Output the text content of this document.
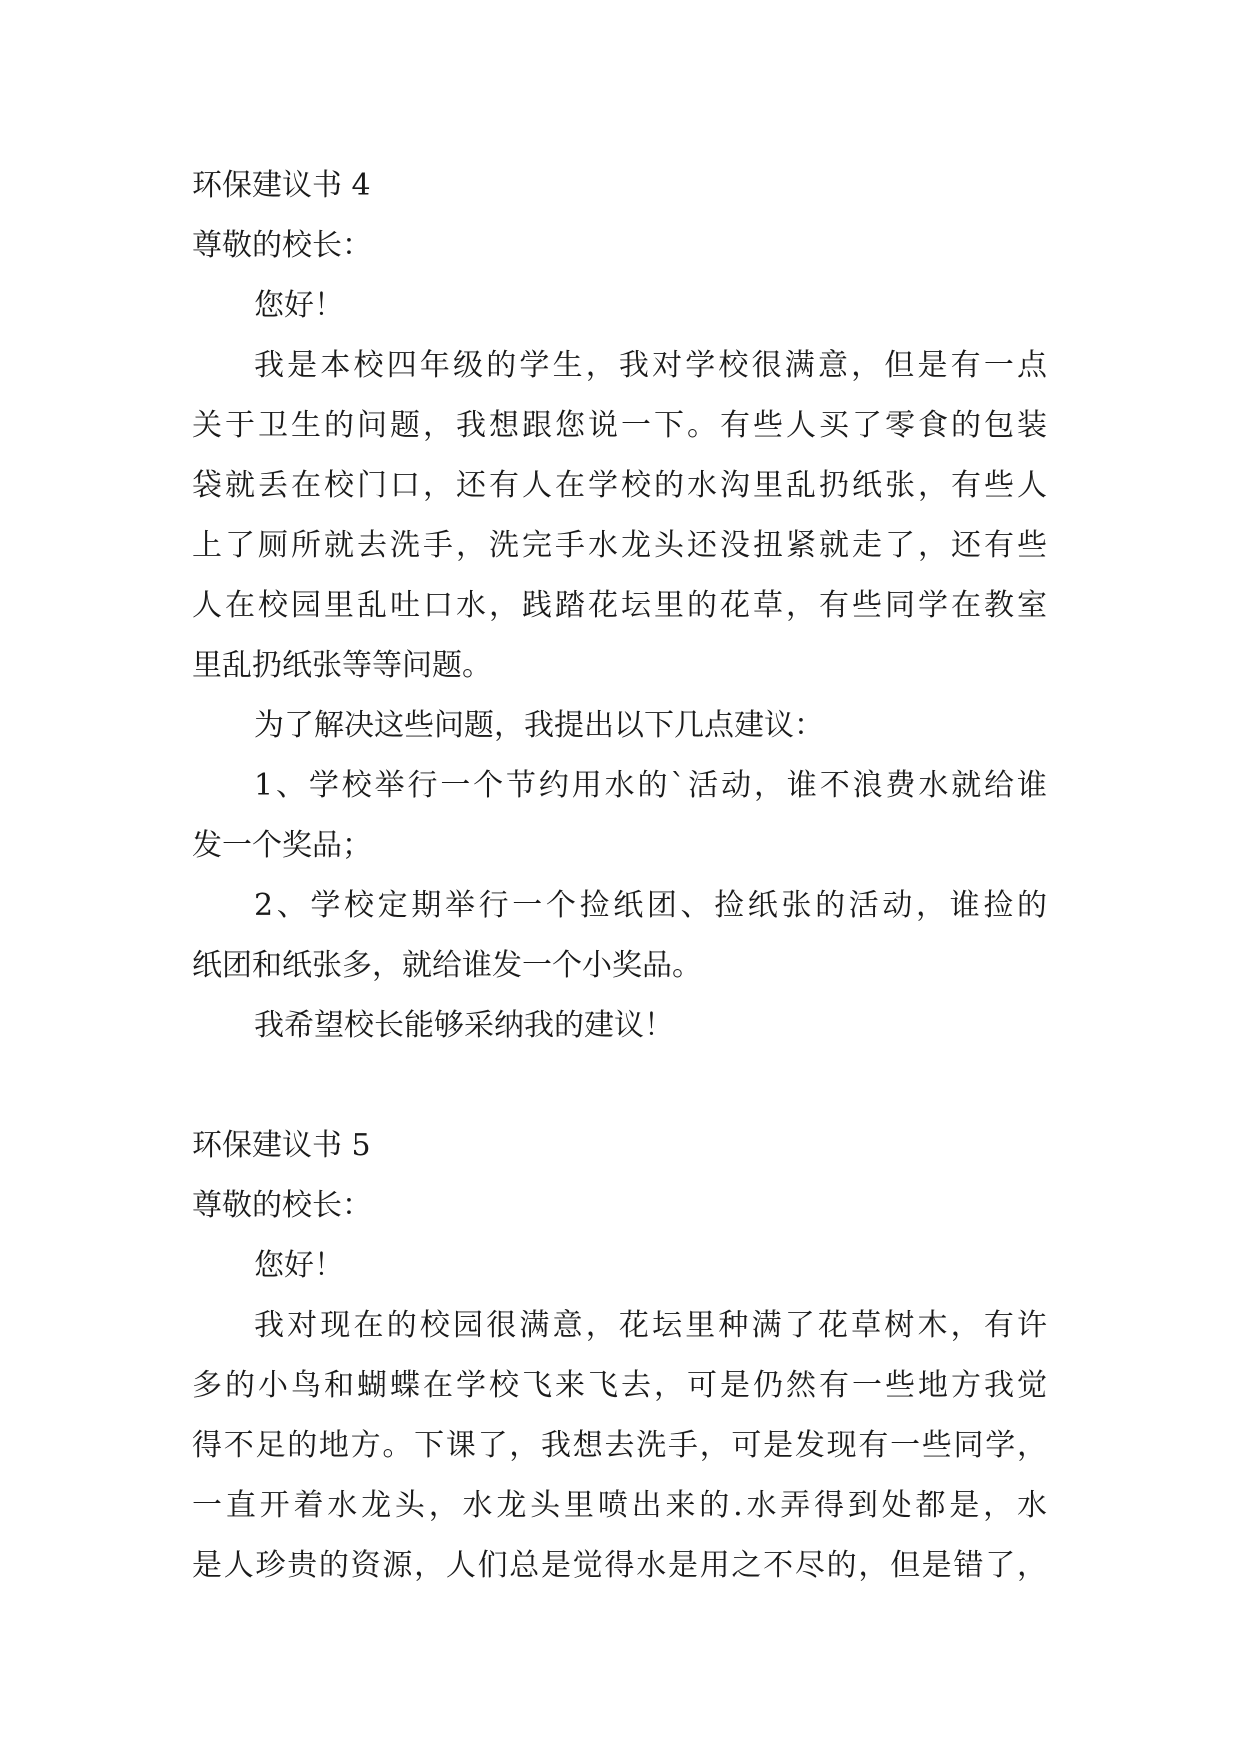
环保建议书 4
尊敬的校长：
您好！
我是本校四年级的学生，我对学校很满意，但是有一点
关于卫生的问题，我想跟您说一下。有些人买了零食的包装
袋就丢在校门口，还有人在学校的水沟里乱扔纸张，有些人
上了厕所就去洗手，洗完手水龙头还没扭紧就走了，还有些
人在校园里乱吐口水，践踏花坛里的花草，有些同学在教室
里乱扔纸张等等问题。
为了解决这些问题，我提出以下几点建议：
1、学校举行一个节约用水的`活动，谁不浪费水就给谁
发一个奖品；
2、学校定期举行一个捡纸团、捡纸张的活动，谁捡的
纸团和纸张多，就给谁发一个小奖品。
我希望校长能够采纳我的建议！
环保建议书 5
尊敬的校长：
您好！
我对现在的校园很满意，花坛里种满了花草树木，有许
多的小鸟和蝴蝶在学校飞来飞去，可是仍然有一些地方我觉
得不足的地方。下课了，我想去洗手，可是发现有一些同学，
一直开着水龙头，水龙头里喷出来的.水弄得到处都是，水
是人珍贵的资源，人们总是觉得水是用之不尽的，但是错了，
